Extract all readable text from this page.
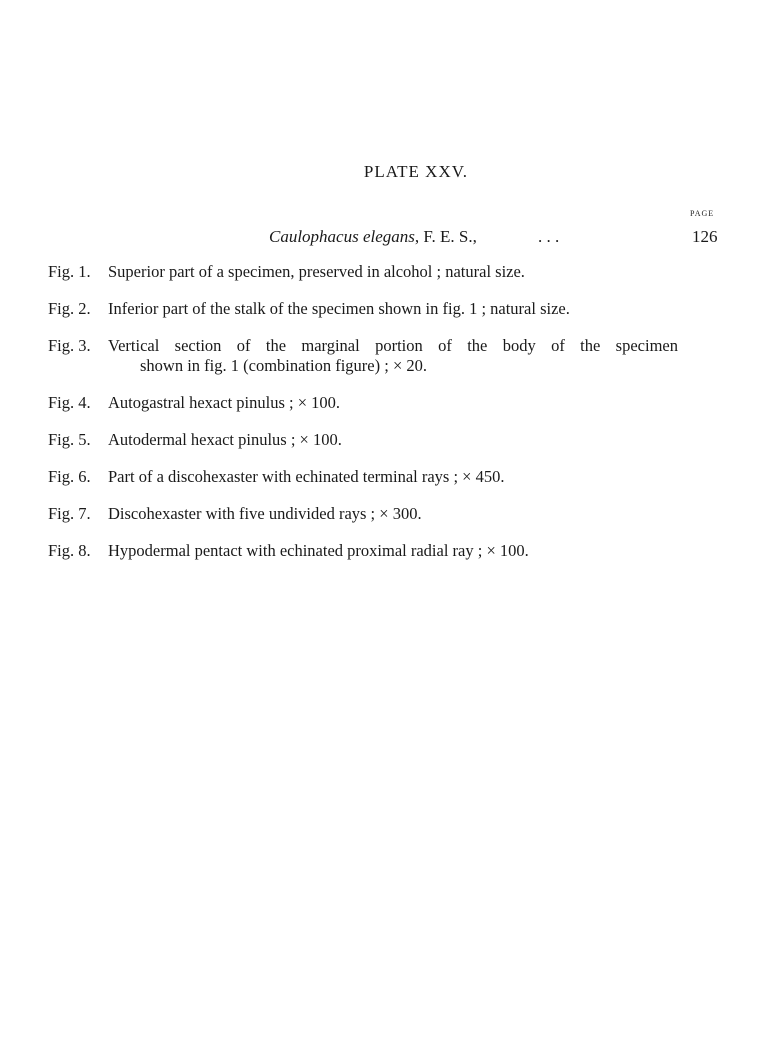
PLATE XXV.
PAGE
Caulophacus elegans, F. E. S.,	. . .	126
Fig. 1.	Superior part of a specimen, preserved in alcohol ; natural size.
Fig. 2.	Inferior part of the stalk of the specimen shown in fig. 1 ; natural size.
Fig. 3.	Vertical section of the marginal portion of the body of the specimen
shown in fig. 1 (combination figure) ; × 20.
Fig. 4.	Autogastral hexact pinulus ; × 100.
Fig. 5.	Autodermal hexact pinulus ; × 100.
Fig. 6.	Part of a discohexaster with echinated terminal rays ; × 450.
Fig. 7.	Discohexaster with five undivided rays ; × 300.
Fig. 8.	Hypodermal pentact with echinated proximal radial ray ; × 100.
